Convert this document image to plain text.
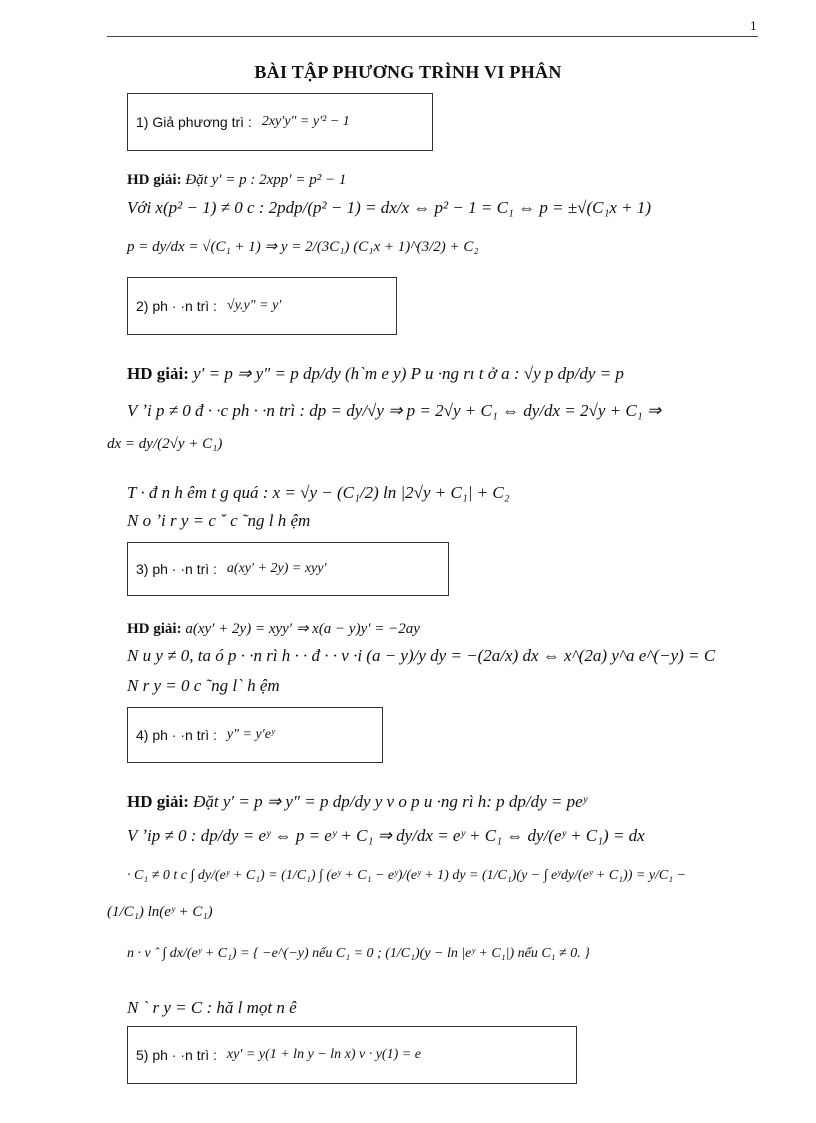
1
BÀI TẬP PHƯƠNG TRÌNH VI PHÂN
1) Giả phương trì : 2xy′y" = y′² − 1
HD giải: Đặt y′ = p : 2xpp′ = p² − 1
Với x(p² − 1) ≠ 0 c : 2pdp/(p² − 1) = dx/x ⇔ p² − 1 = C₁ ⇔ p = ±√(C₁x + 1)
p = dy/dx = √(C₁ + 1) ⇒ y = 2/(3C₁) (C₁x + 1)^(3/2) + C₂
2) ph · ·n trì : √y.y" = y′
HD giải: y′ = p ⇒ y" = p dp/dy (h`m e y) P u ·ng rı t ở a : √y p dp/dy = p
V ʼi p ≠ 0 đ · ·c ph · ·n trì : dp = dy/√y ⇒ p = 2√y + C₁ ⇔ dy/dx = 2√y + C₁ ⇒
dx = dy/(2√y + C₁)
T · đ n h êm t g quá : x = √y − (C₁/2) ln |2√y + C₁| + C₂
N o ʼi r y = c ˇ c ˜ng l h ệm
3) ph · ·n trì : a(xy′ + 2y) = xyy′
HD giải: a(xy′ + 2y) = xyy′ ⇒ x(a − y)y′ = −2ay
N u y ≠ 0, ta ó p · ·n rì h · · đ · · v ·i (a − y)/y dy = −(2a/x) dx ⇔ x^(2a) y^a e^(−y) = C
N r y = 0 c ˜ng l` h ệm
4) ph · ·n trì : y" = y′eʸ
HD giải: Đặt y′ = p ⇒ y" = p dp/dy y v o p u ·ng rì h: p dp/dy = peʸ
V ʼip ≠ 0 : dp/dy = eʸ ⇔ p = eʸ + C₁ ⇒ dy/dx = eʸ + C₁ ⇔ dy/(eʸ + C₁) = dx
· C₁ ≠ 0 t c ∫ dy/(eʸ + C₁) = (1/C₁) ∫ (eʸ + C₁ − eʸ)/(eʸ + 1) dy = (1/C₁)(y − ∫ eʸdy/(eʸ + C₁)) = y/C₁ −
(1/C₁) ln(eʸ + C₁)
n · v ˆ ∫ dx/(eʸ + C₁) = { −e^(−y) nếu C₁ = 0 ; (1/C₁)(y − ln |eʸ + C₁|) nếu C₁ ≠ 0. }
N ` r y = C : hă l mọt n ê
5) ph · ·n trì : xy′ = y(1 + ln y − ln x) v · y(1) = e
